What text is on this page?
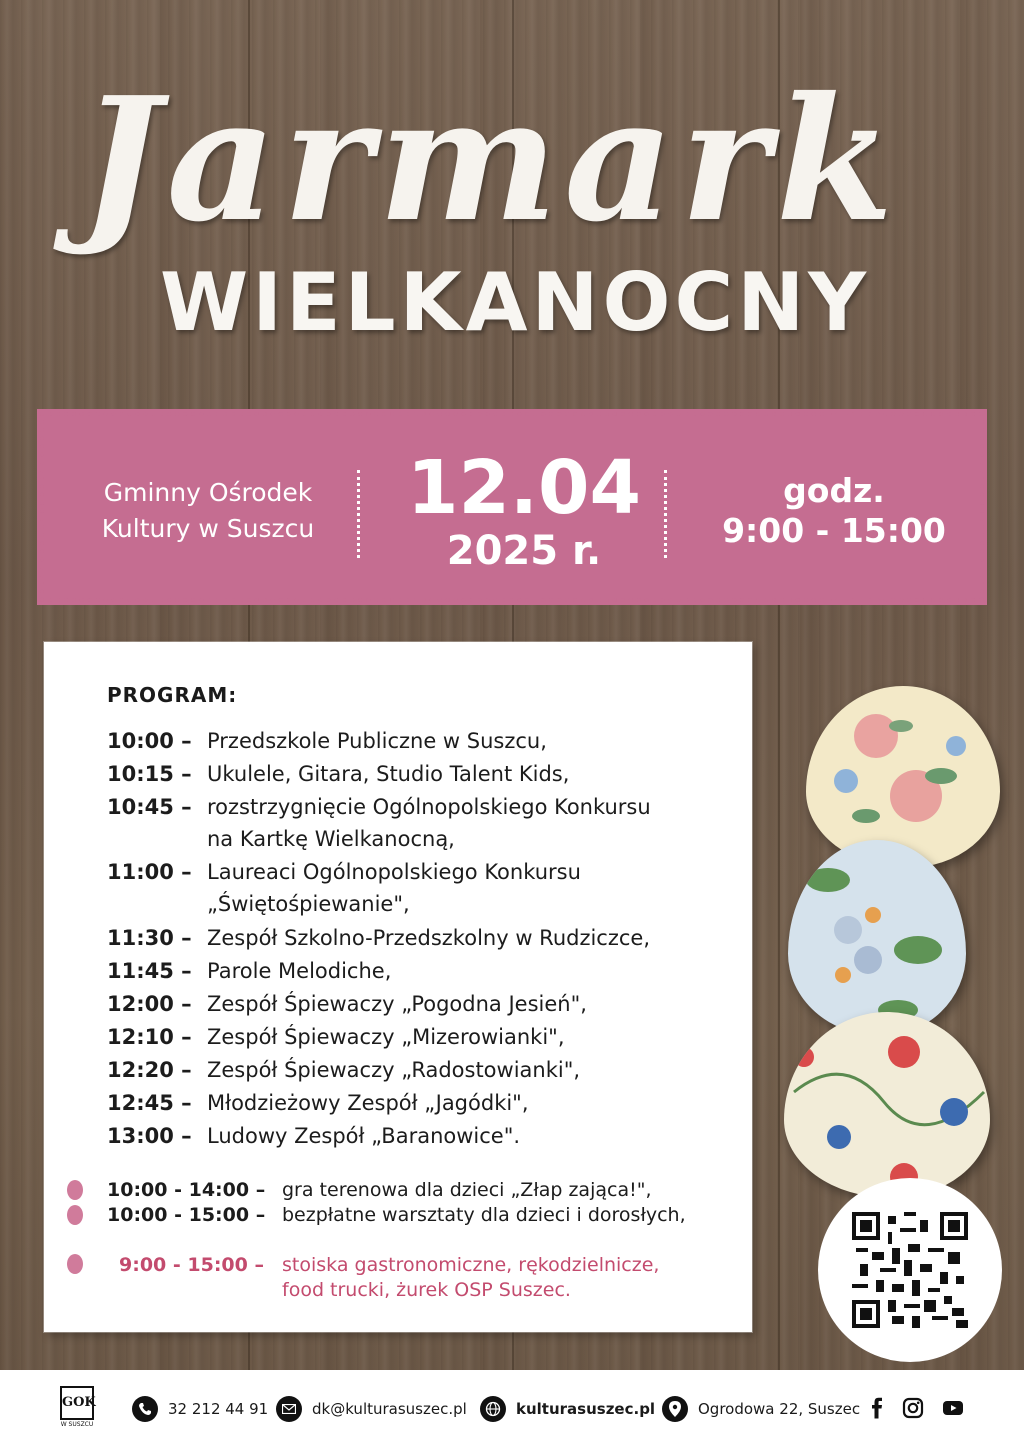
Jarmark
WIELKANOCNY
Gminny Ośrodek
Kultury w Suszcu 12.04
2025 r.
godz.
9:00 - 15:00
PROGRAM:
10:00 – Przedszkole Publiczne w Suszcu,
10:15 – Ukulele, Gitara, Studio Talent Kids,
10:45 – rozstrzygnięcie Ogólnopolskiego Konkursu
na Kartkę Wielkanocną,
11:00 – Laureaci Ogólnopolskiego Konkursu
„Świętośpiewanie",
11:30 – Zespół Szkolno-Przedszkolny w Rudziczce,
11:45 – Parole Melodiche,
12:00 – Zespół Śpiewaczy „Pogodna Jesień",
12:10 – Zespół Śpiewaczy „Mizerowianki",
12:20 – Zespół Śpiewaczy „Radostowianki",
12:45 – Młodzieżowy Zespół „Jagódki",
13:00 – Ludowy Zespół „Baranowice".
10:00 - 14:00 – gra terenowa dla dzieci „Złap zająca!",
10:00 - 15:00 – bezpłatne warsztaty dla dzieci i dorosłych,
9:00 - 15:00 – stoiska gastronomiczne, rękodzielnicze,
food trucki, żurek OSP Suszec.
GOK
W SUSZCU
32 212 44 91	dk@kulturasuszec.pl	kulturasuszec.pl	Ogrodowa 22, Suszec
